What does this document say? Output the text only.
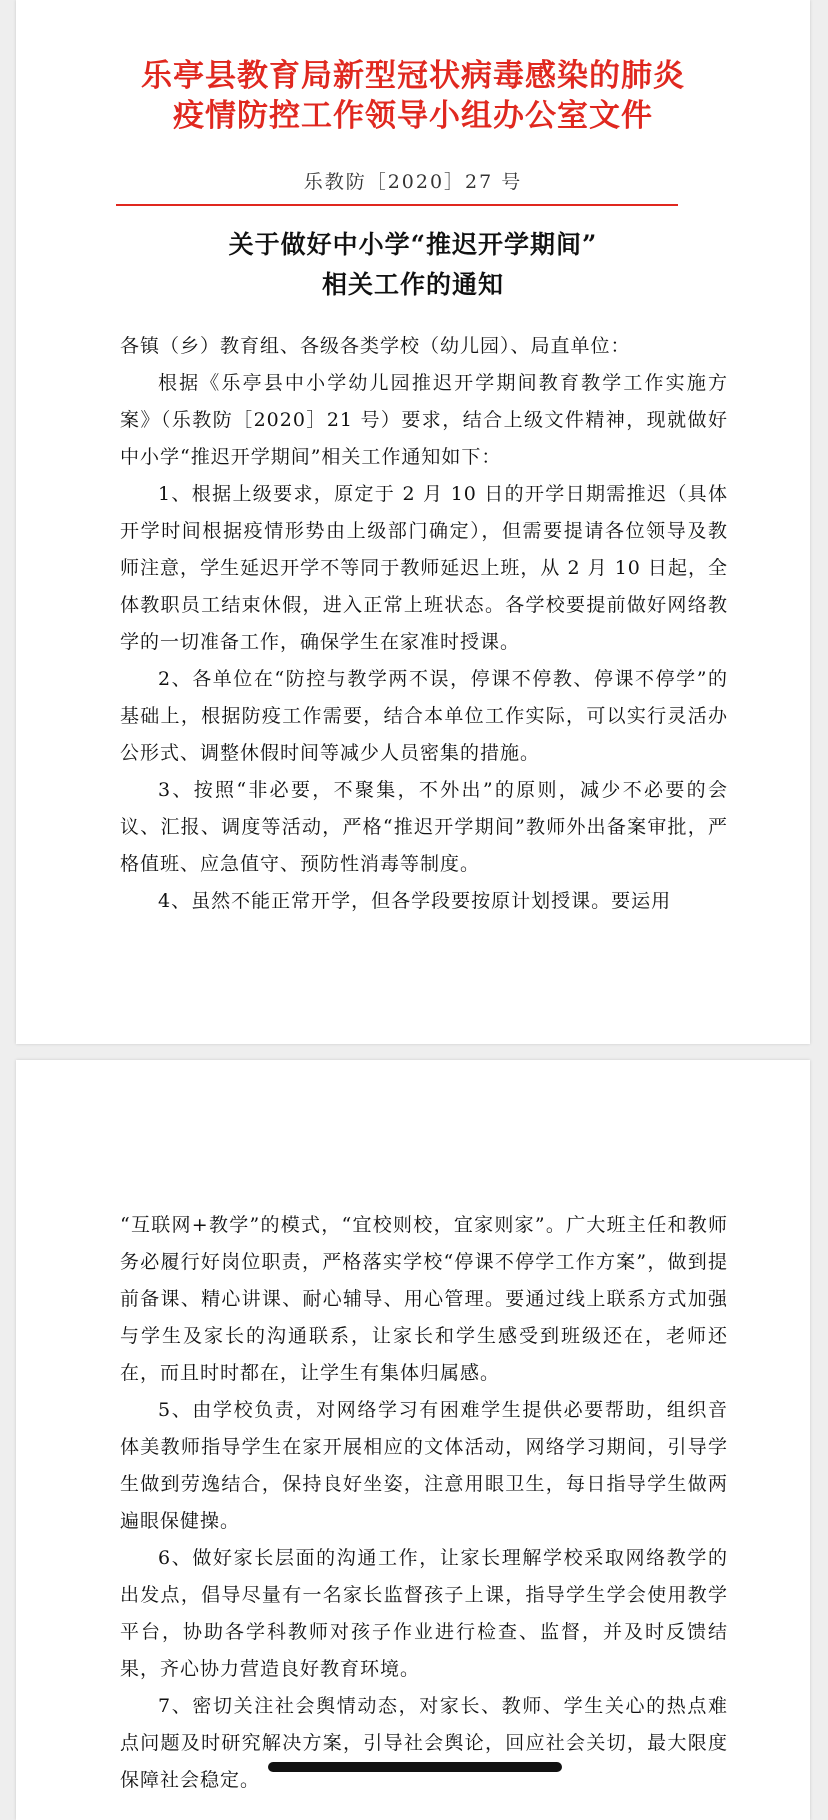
乐亭县教育局新型冠状病毒感染的肺炎
疫情防控工作领导小组办公室文件
乐教防［2020］27 号
关于做好中小学“推迟开学期间”
相关工作的通知

各镇（乡）教育组、各级各类学校（幼儿园）、局直单位：

根据《乐亭县中小学幼儿园推迟开学期间教育教学工作实施方案》（乐教防［2020］21 号）要求，结合上级文件精神，现就做好中小学“推迟开学期间”相关工作通知如下：

1、根据上级要求，原定于 2 月 10 日的开学日期需推迟（具体开学时间根据疫情形势由上级部门确定），但需要提请各位领导及教师注意，学生延迟开学不等同于教师延迟上班，从 2 月 10 日起，全体教职员工结束休假，进入正常上班状态。各学校要提前做好网络教学的一切准备工作，确保学生在家准时授课。

2、各单位在“防控与教学两不误，停课不停教、停课不停学”的基础上，根据防疫工作需要，结合本单位工作实际，可以实行灵活办公形式、调整休假时间等减少人员密集的措施。

3、按照“非必要，不聚集，不外出”的原则，减少不必要的会议、汇报、调度等活动，严格“推迟开学期间”教师外出备案审批，严格值班、应急值守、预防性消毒等制度。

4、虽然不能正常开学，但各学段要按原计划授课。要运用

“互联网+教学”的模式，“宜校则校，宜家则家”。广大班主任和教师务必履行好岗位职责，严格落实学校“停课不停学工作方案”，做到提前备课、精心讲课、耐心辅导、用心管理。要通过线上联系方式加强与学生及家长的沟通联系，让家长和学生感受到班级还在，老师还在，而且时时都在，让学生有集体归属感。

5、由学校负责，对网络学习有困难学生提供必要帮助，组织音体美教师指导学生在家开展相应的文体活动，网络学习期间，引导学生做到劳逸结合，保持良好坐姿，注意用眼卫生，每日指导学生做两遍眼保健操。

6、做好家长层面的沟通工作，让家长理解学校采取网络教学的出发点，倡导尽量有一名家长监督孩子上课，指导学生学会使用教学平台，协助各学科教师对孩子作业进行检查、监督，并及时反馈结果，齐心协力营造良好教育环境。

7、密切关注社会舆情动态，对家长、教师、学生关心的热点难点问题及时研究解决方案，引导社会舆论，回应社会关切，最大限度保障社会稳定。
